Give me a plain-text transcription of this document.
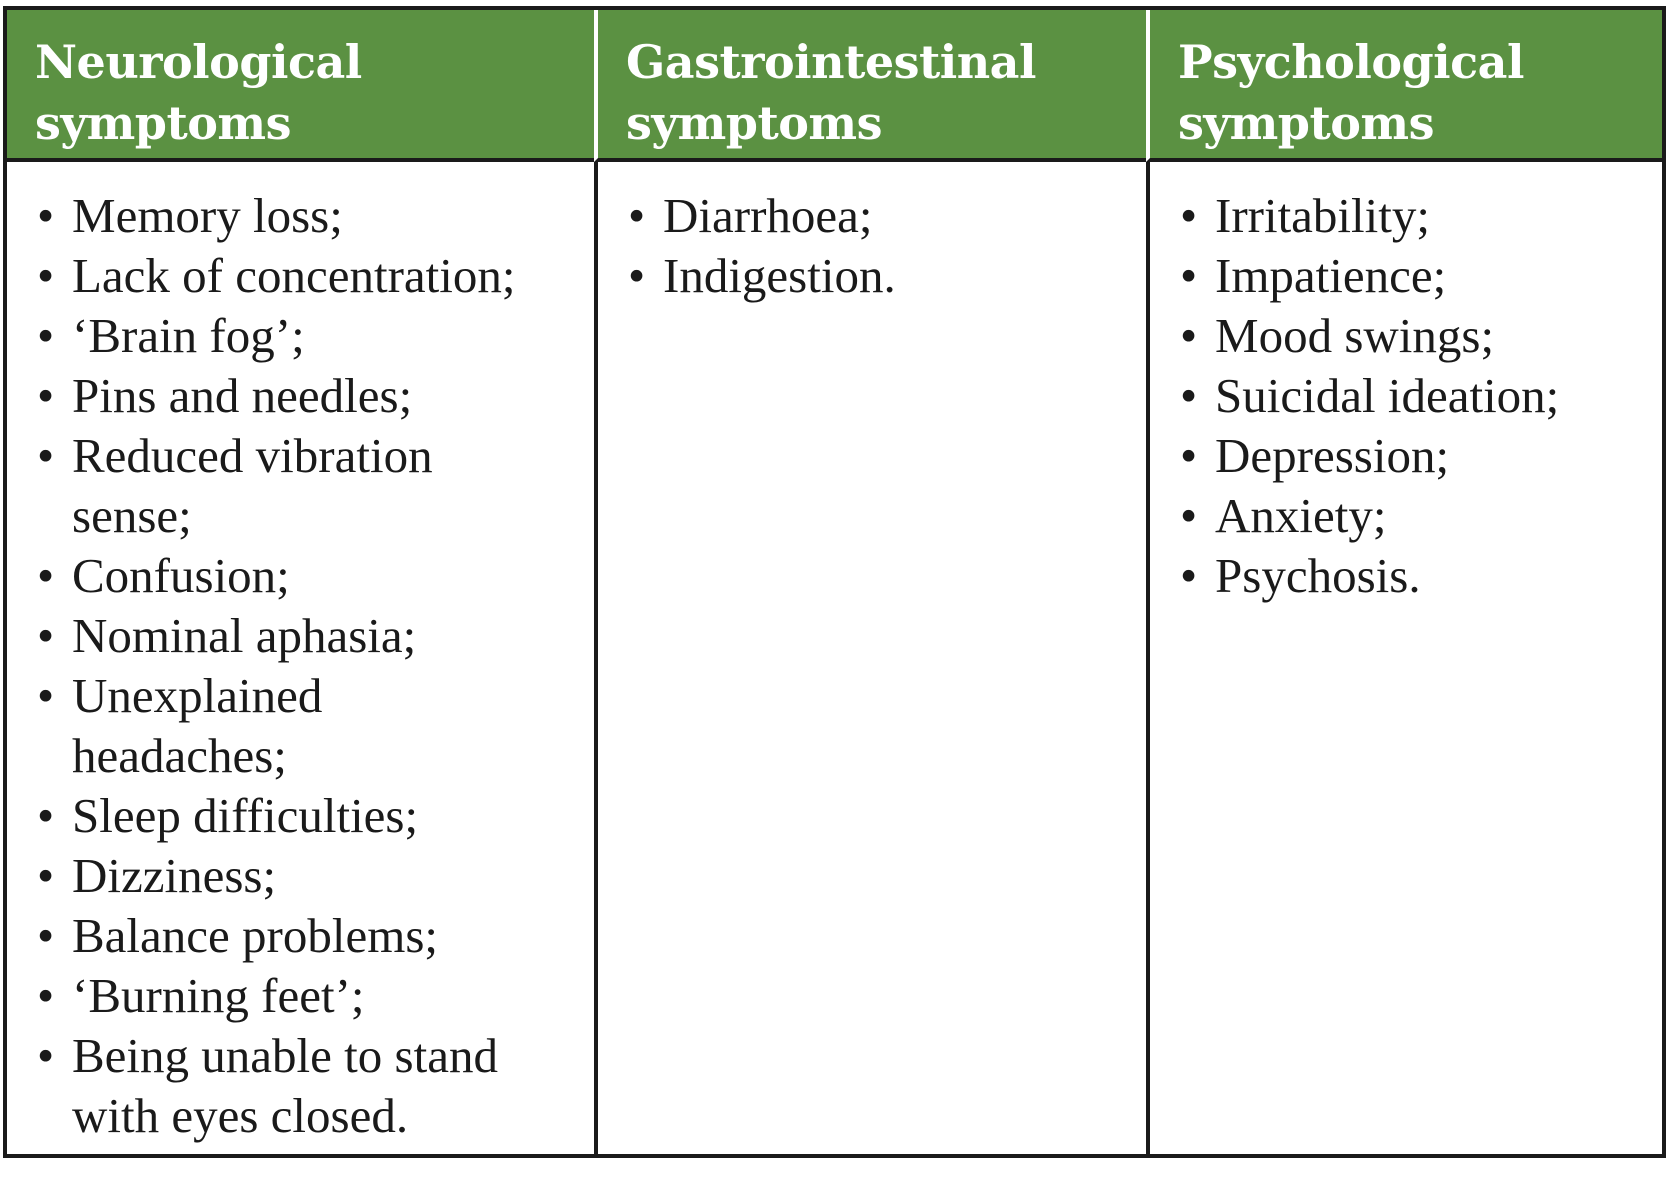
Neurological
symptoms
Gastrointestinal
symptoms
Psychological
symptoms
• Memory loss;
• Lack of concentration;
• ‘Brain fog’;
• Pins and needles;
• Reduced vibration sense;
• Confusion;
• Nominal aphasia;
• Unexplained headaches;
• Sleep difficulties;
• Dizziness;
• Balance problems;
• ‘Burning feet’;
• Being unable to stand with eyes closed.
• Diarrhoea;
• Indigestion.
• Irritability;
• Impatience;
• Mood swings;
• Suicidal ideation;
• Depression;
• Anxiety;
• Psychosis.
